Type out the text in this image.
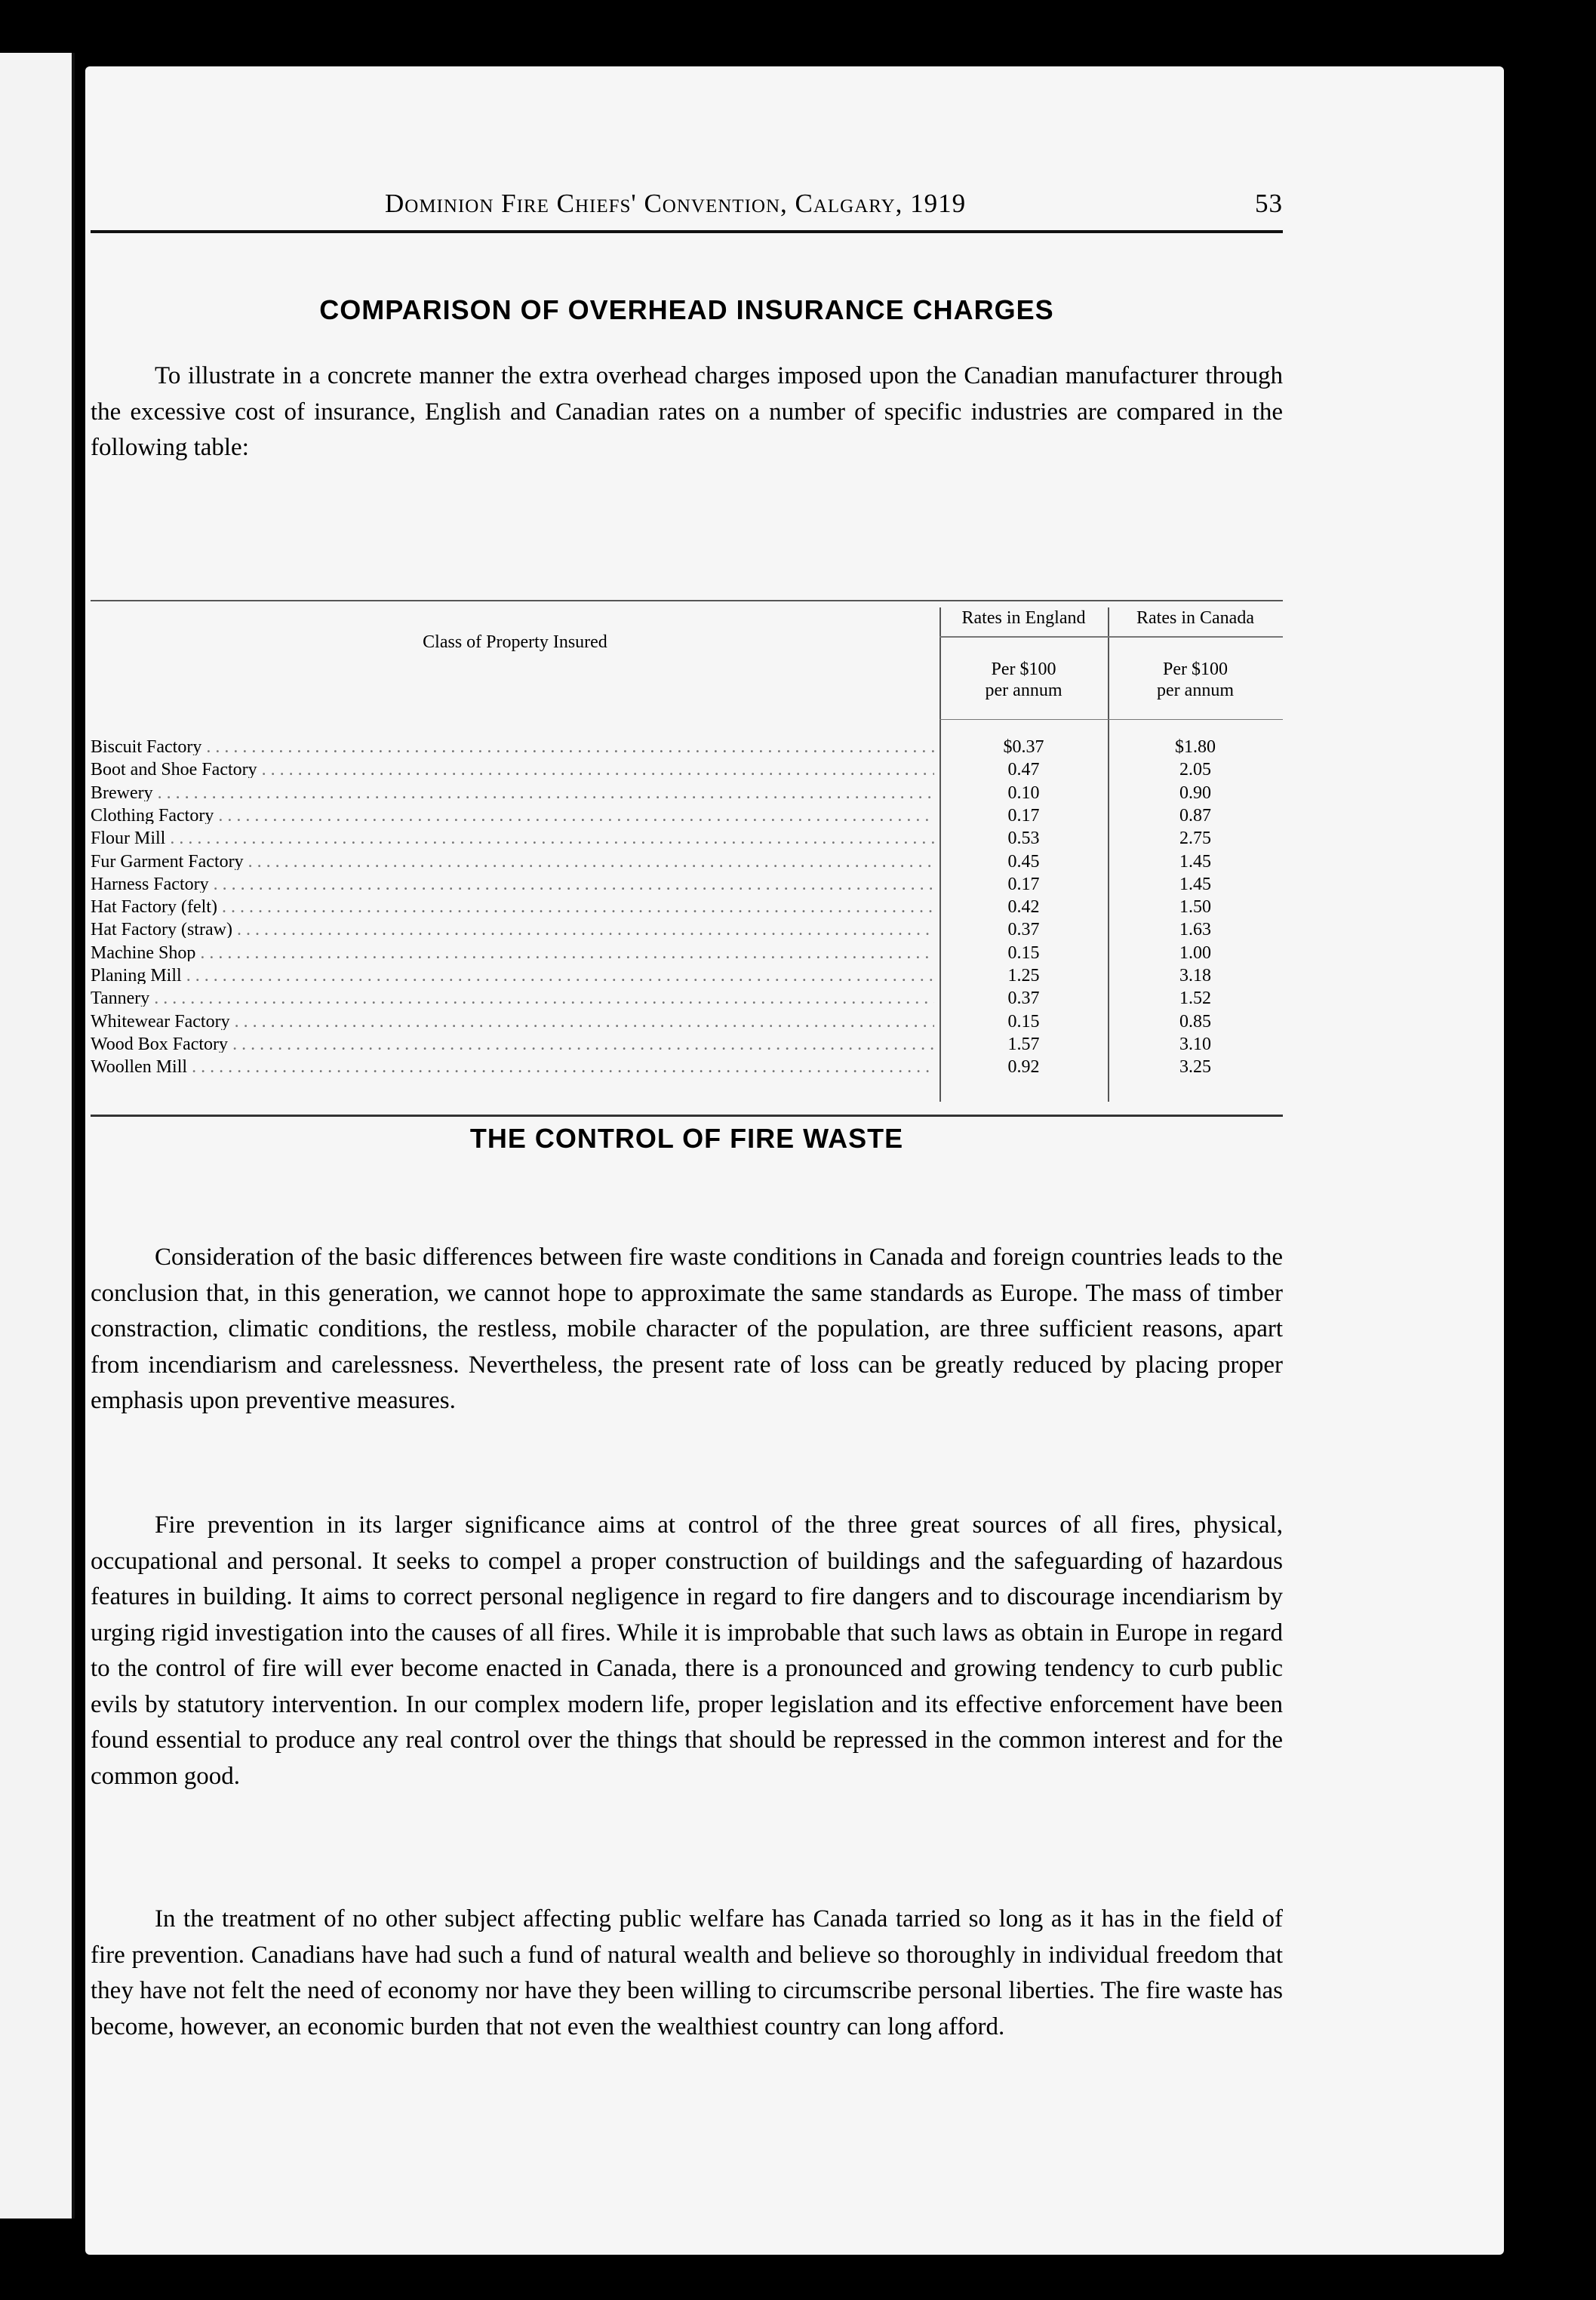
Dominion Fire Chiefs' Convention, Calgary, 1919	53
COMPARISON OF OVERHEAD INSURANCE CHARGES

To illustrate in a concrete manner the extra overhead charges imposed upon the Canadian manufacturer through the excessive cost of insurance, English and Canadian rates on a number of specific industries are compared in the following table:

Class of Property Insured
Rates in England	Rates in Canada
Per $100
per annum
Per $100
per annum
Biscuit Factory . . .	$0.37	$1.80
Boot and Shoe Factory . . .	0.47	2.05
Brewery . . .	0.10	0.90
Clothing Factory . . .	0.17	0.87
Flour Mill . . .	0.53	2.75
Fur Garment Factory . . .	0.45	1.45
Harness Factory . . .	0.17	1.45
Hat Factory (felt) . . .	0.42	1.50
Hat Factory (straw) . . .	0.37	1.63
Machine Shop . . .	0.15	1.00
Planing Mill . . .	1.25	3.18
Tannery . . .	0.37	1.52
Whitewear Factory . . .	0.15	0.85
Wood Box Factory . . .	1.57	3.10
Woollen Mill . . .	0.92	3.25
THE CONTROL OF FIRE WASTE

Consideration of the basic differences between fire waste conditions in Canada and foreign countries leads to the conclusion that, in this generation, we cannot hope to approximate the same standards as Europe. The mass of timber constraction, climatic conditions, the restless, mobile character of the population, are three sufficient reasons, apart from incendiarism and carelessness. Nevertheless, the present rate of loss can be greatly reduced by placing proper emphasis upon preventive measures.

Fire prevention in its larger significance aims at control of the three great sources of all fires, physical, occupational and personal. It seeks to compel a proper construction of buildings and the safeguarding of hazardous features in building. It aims to correct personal negligence in regard to fire dangers and to discourage incendiarism by urging rigid investigation into the causes of all fires. While it is improbable that such laws as obtain in Europe in regard to the control of fire will ever become enacted in Canada, there is a pronounced and growing tendency to curb public evils by statutory intervention. In our complex modern life, proper legislation and its effective enforcement have been found essential to produce any real control over the things that should be repressed in the common interest and for the common good.

In the treatment of no other subject affecting public welfare has Canada tarried so long as it has in the field of fire prevention. Canadians have had such a fund of natural wealth and believe so thoroughly in individual freedom that they have not felt the need of economy nor have they been willing to circumscribe personal liberties. The fire waste has become, however, an economic burden that not even the wealthiest country can long afford.
